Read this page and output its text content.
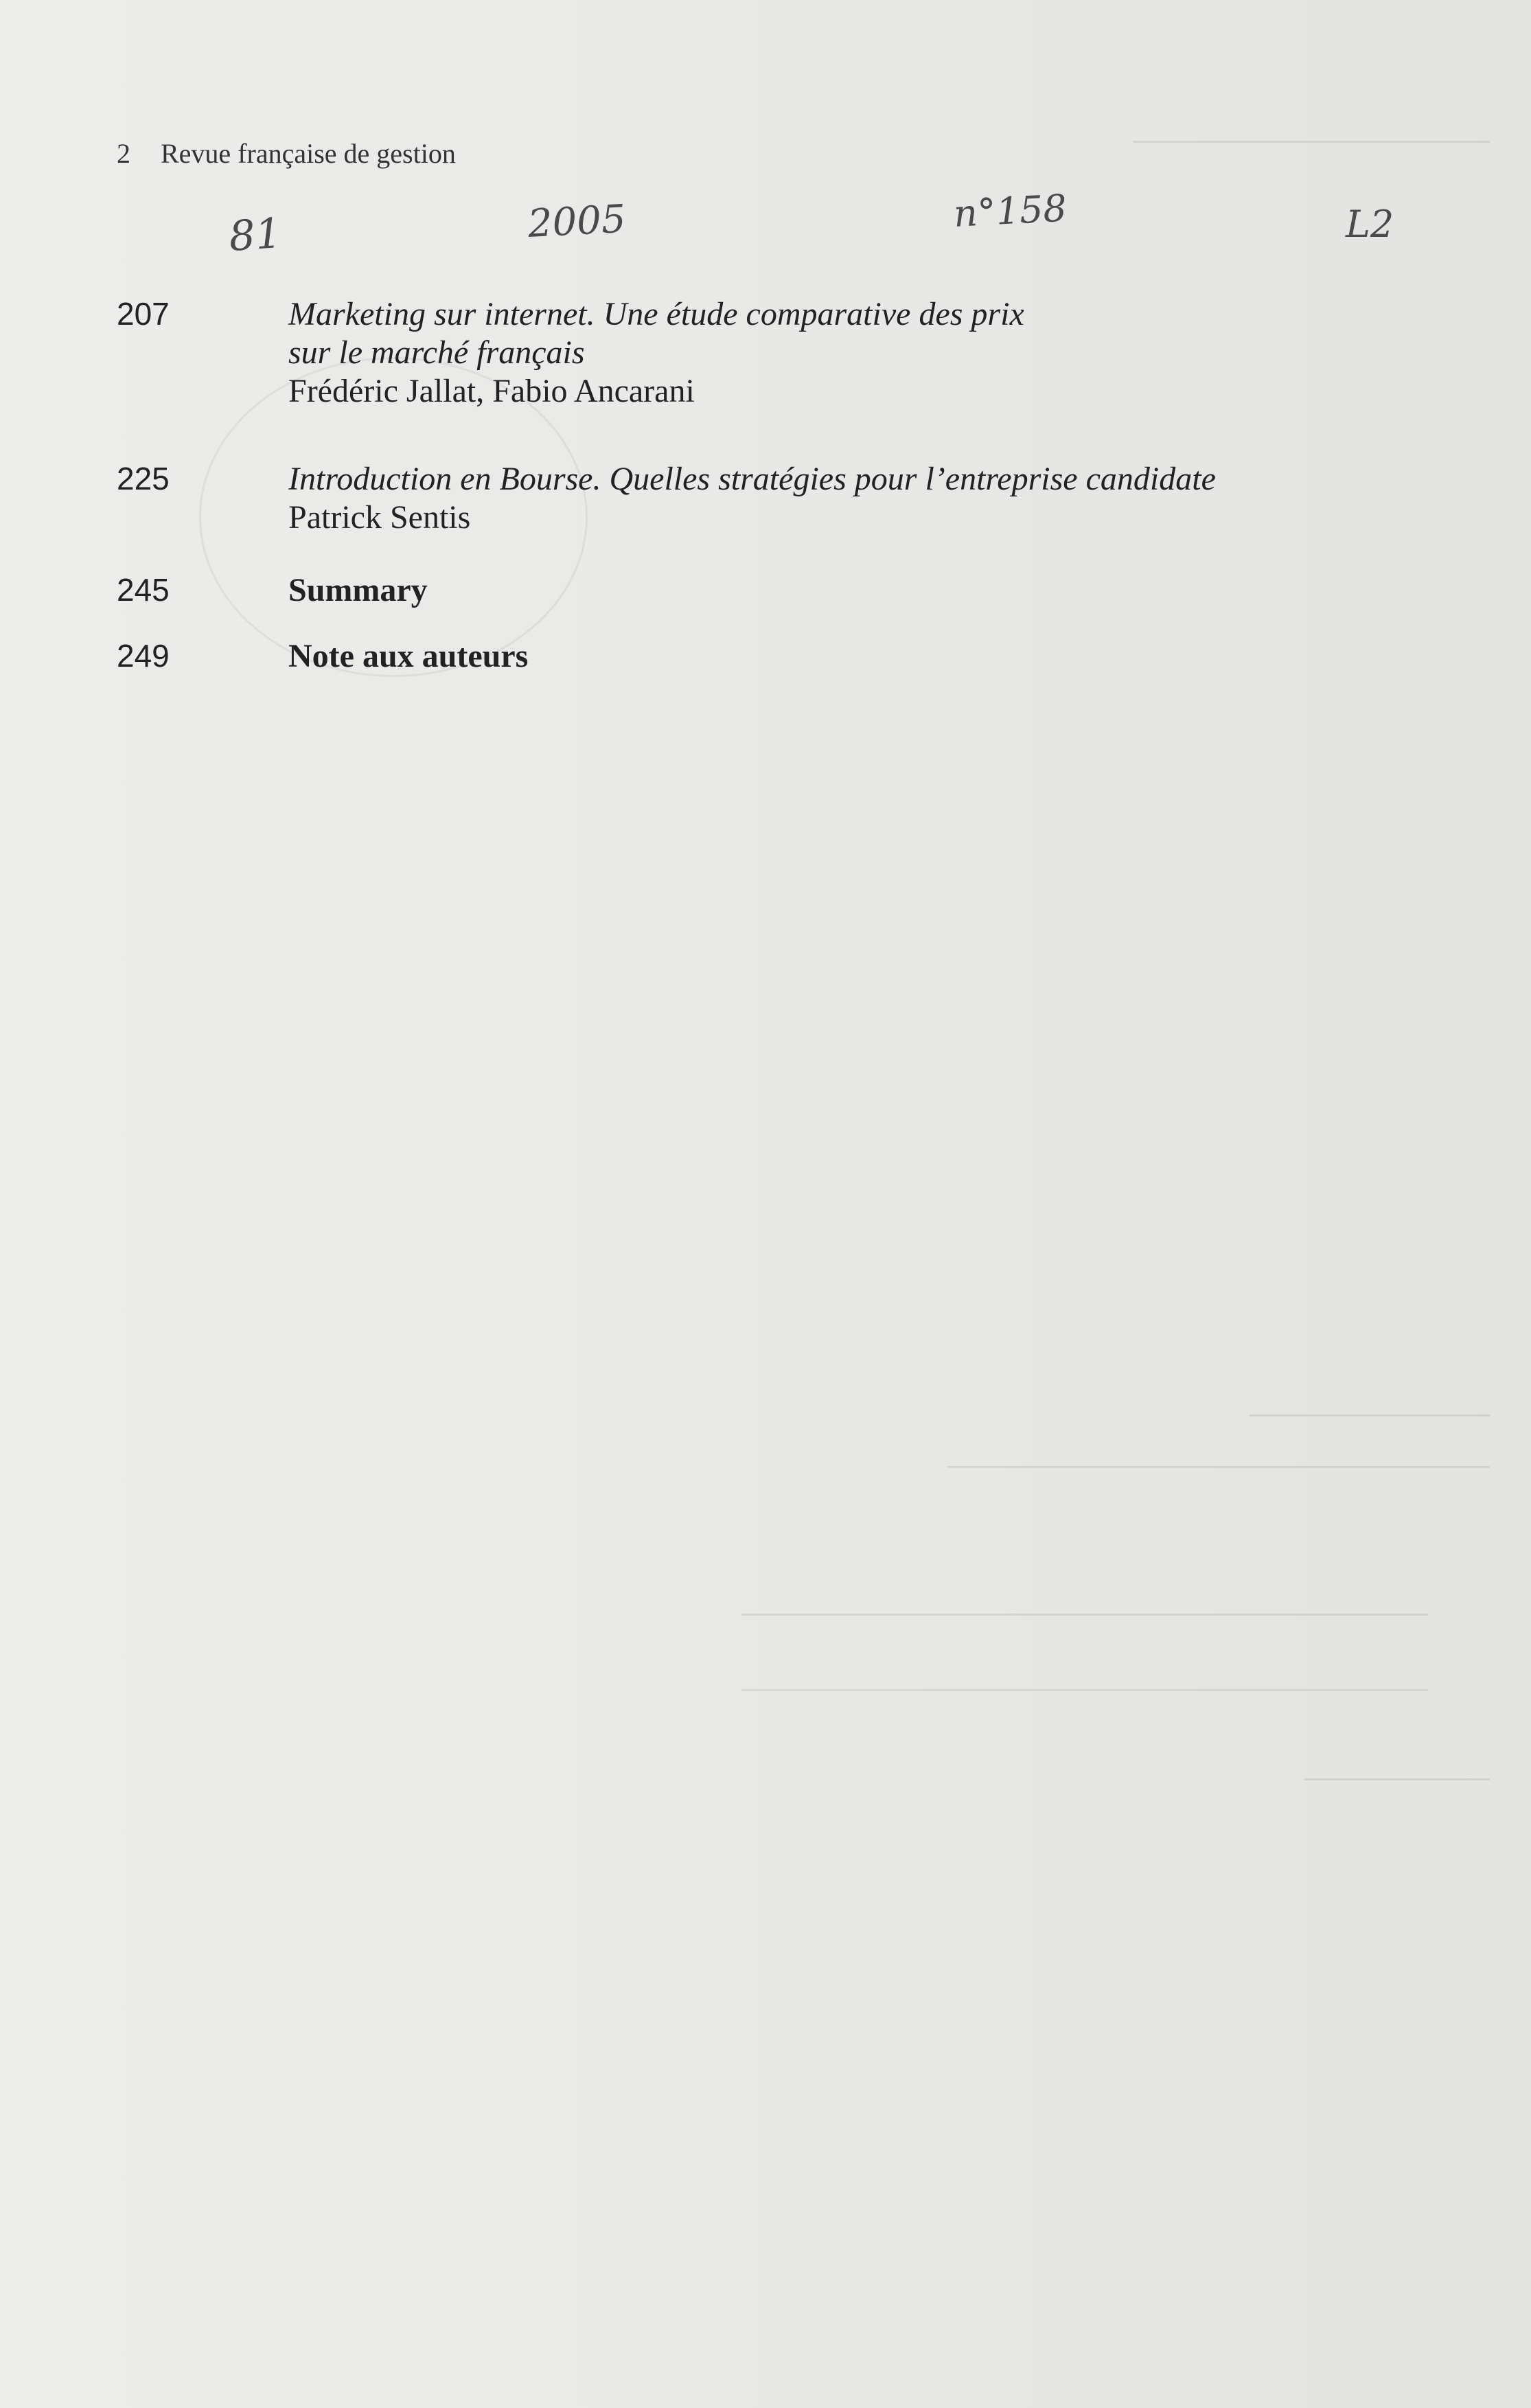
2 Revue française de gestion
81	2005	n°158	L2
207	Marketing sur internet. Une étude comparative des prix
sur le marché français
Frédéric Jallat, Fabio Ancarani
225	Introduction en Bourse. Quelles stratégies pour l’entreprise candidate
Patrick Sentis
245	Summary
249	Note aux auteurs
